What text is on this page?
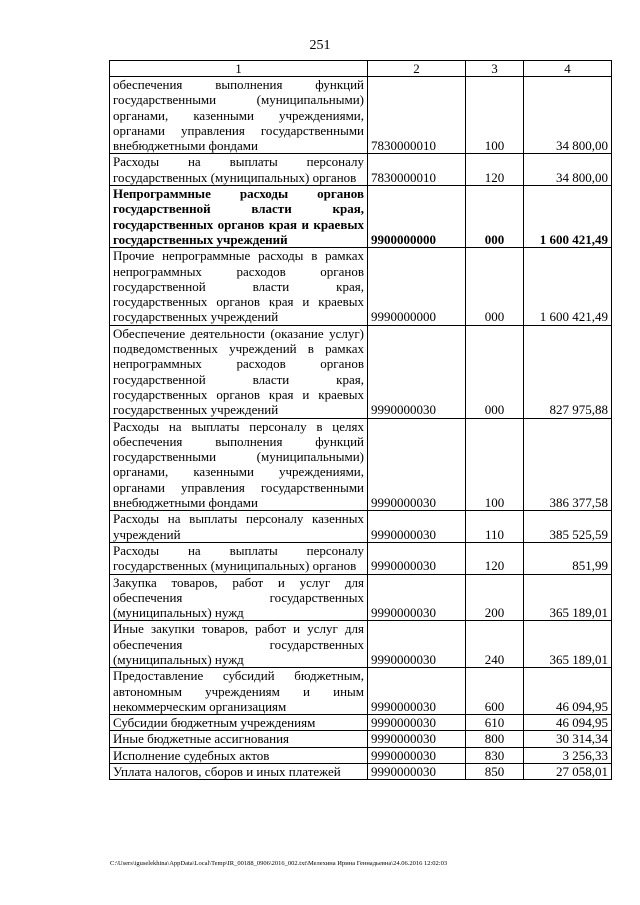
251
1	2	3	4
обеспечения выполнения функций государственными (муниципальными) органами, казенными учреждениями, органами управления государственными внебюджетными фондами	7830000010	100	34 800,00
Расходы на выплаты персоналу государственных (муниципальных) органов	7830000010	120	34 800,00
Непрограммные расходы органов государственной власти края, государственных органов края и краевых государственных учреждений	9900000000	000	1 600 421,49
Прочие непрограммные расходы в рамках непрограммных расходов органов государственной власти края, государственных органов края и краевых государственных учреждений	9990000000	000	1 600 421,49
Обеспечение деятельности (оказание услуг) подведомственных учреждений в рамках непрограммных расходов органов государственной власти края, государственных органов края и краевых государственных учреждений	9990000030	000	827 975,88
Расходы на выплаты персоналу в целях обеспечения выполнения функций государственными (муниципальными) органами, казенными учреждениями, органами управления государственными внебюджетными фондами	9990000030	100	386 377,58
Расходы на выплаты персоналу казенных учреждений	9990000030	110	385 525,59
Расходы на выплаты персоналу государственных (муниципальных) органов	9990000030	120	851,99
Закупка товаров, работ и услуг для обеспечения государственных (муниципальных) нужд	9990000030	200	365 189,01
Иные закупки товаров, работ и услуг для обеспечения государственных (муниципальных) нужд	9990000030	240	365 189,01
Предоставление субсидий бюджетным, автономным учреждениям и иным некоммерческим организациям	9990000030	600	46 094,95
Субсидии бюджетным учреждениям	9990000030	610	46 094,95
Иные бюджетные ассигнования	9990000030	800	30 314,34
Исполнение судебных актов	9990000030	830	3 256,33
Уплата налогов, сборов и иных платежей	9990000030	850	27 058,01
C:\Users\iguselekhina\AppData\Local\Temp\IR_00188_0906\2016_002.txt\Мелехина Ирина Геннадьевна\24.06.2016 12:02:03
